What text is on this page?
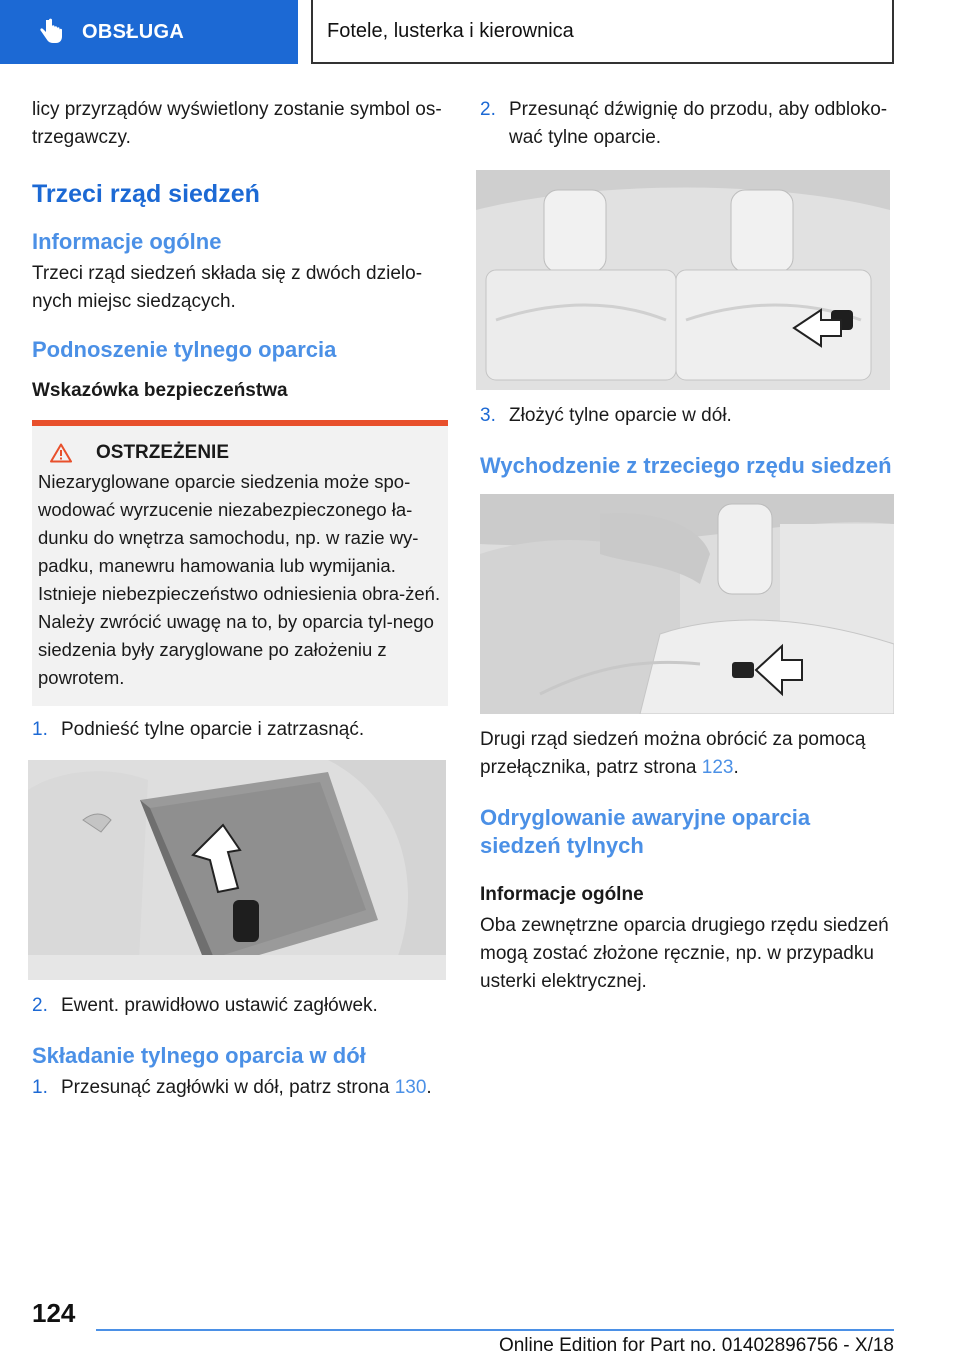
OBSŁUGA	Fotele, lusterka i kierownica

licy przyrządów wyświetlony zostanie symbol os-trzegawczy.

Trzeci rząd siedzeń
Informacje ogólne

Trzeci rząd siedzeń składa się z dwóch dzielo-nych miejsc siedzących.

Podnoszenie tylnego oparcia
Wskazówka bezpieczeństwa
OSTRZEŻENIE

Niezaryglowane oparcie siedzenia może spo-wodować wyrzucenie niezabezpieczonego ła-dunku do wnętrza samochodu, np. w razie wy-padku, manewru hamowania lub wymijania. Istnieje niebezpieczeństwo odniesienia obra-żeń. Należy zwrócić uwagę na to, by oparcia tyl-nego siedzenia były zaryglowane po założeniu z powrotem.

1. Podnieść tylne oparcie i zatrzasnąć.
2. Ewent. prawidłowo ustawić zagłówek.
Składanie tylnego oparcia w dół
1. Przesunąć zagłówki w dół, patrz strona 130.
2. Przesunąć dźwignię do przodu, aby odbloko-wać tylne oparcie.
3. Złożyć tylne oparcie w dół.
Wychodzenie z trzeciego rzędu siedzeń

Drugi rząd siedzeń można obrócić za pomocą przełącznika, patrz strona 123.

Odryglowanie awaryjne oparcia siedzeń tylnych
Informacje ogólne

Oba zewnętrzne oparcia drugiego rzędu siedzeń mogą zostać złożone ręcznie, np. w przypadku usterki elektrycznej.

124
Online Edition for Part no. 01402896756 - X/18
